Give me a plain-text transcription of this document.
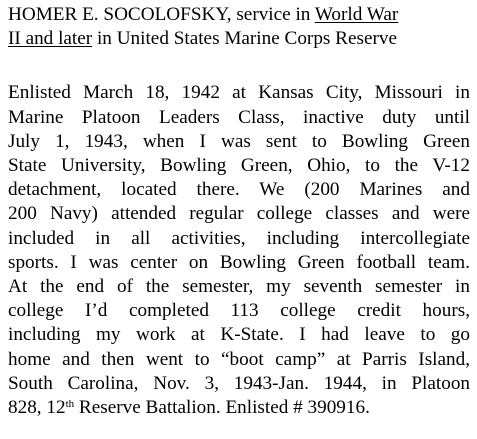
HOMER E. SOCOLOFSKY, service in World War
II and later in United States Marine Corps Reserve
Enlisted March 18, 1942 at Kansas City, Missouri in
Marine Platoon Leaders Class, inactive duty until
July 1, 1943, when I was sent to Bowling Green
State University, Bowling Green, Ohio, to the V-12
detachment, located there. We (200 Marines and
200 Navy) attended regular college classes and were
included in all activities, including intercollegiate
sports. I was center on Bowling Green football team.
At the end of the semester, my seventh semester in
college I’d completed 113 college credit hours,
including my work at K-State. I had leave to go
home and then went to “boot camp” at Parris Island,
South Carolina, Nov. 3, 1943-Jan. 1944, in Platoon
828, 12th Reserve Battalion. Enlisted # 390916.
